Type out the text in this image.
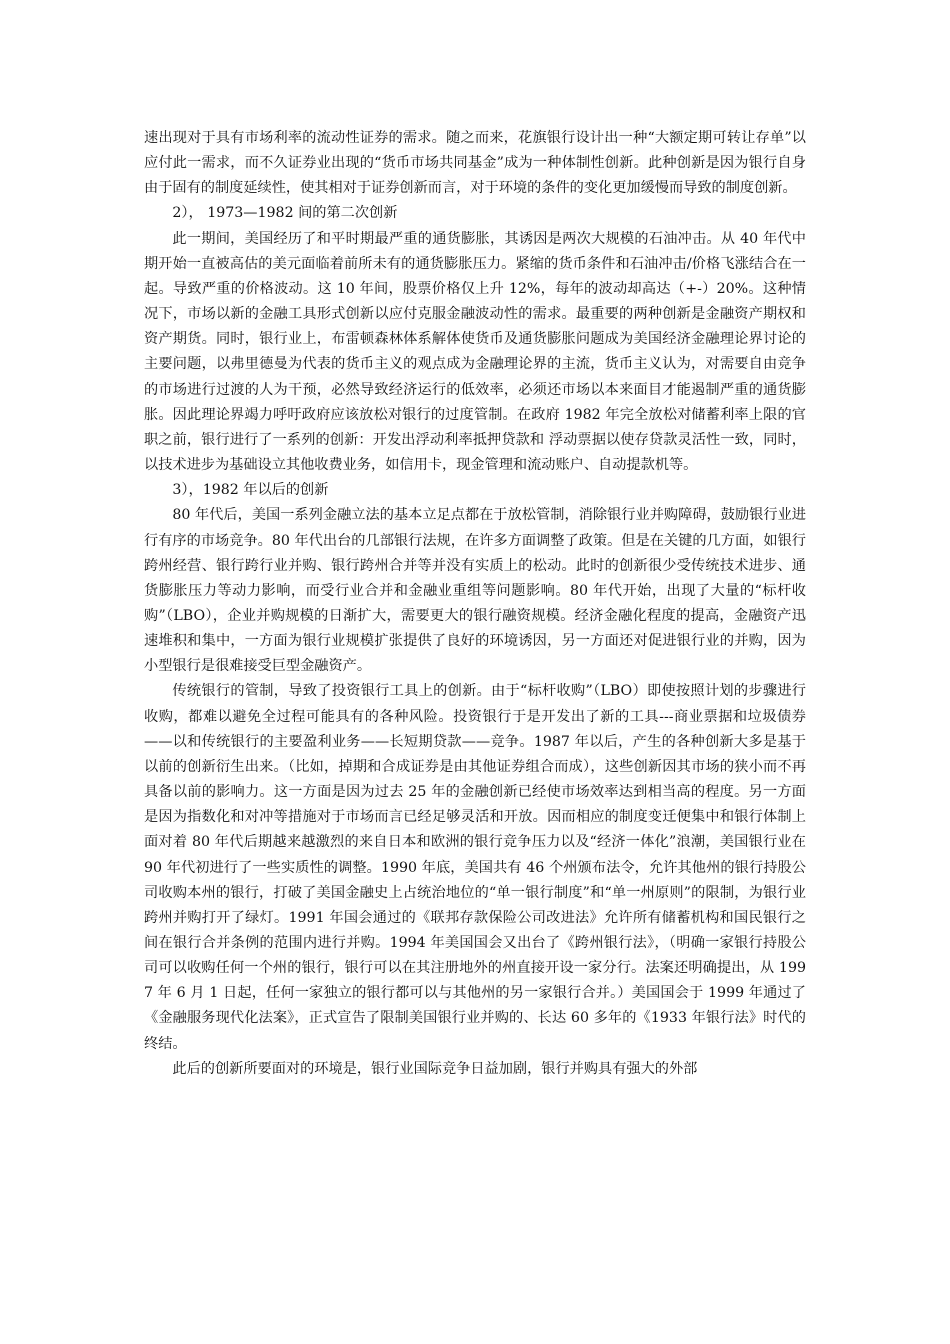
速出现对于具有市场利率的流动性证券的需求。随之而来，花旗银行设计出一种“大额定期可转让存单”以应付此一需求，而不久证券业出现的“货币市场共同基金”成为一种体制性创新。此种创新是因为银行自身由于固有的制度延续性，使其相对于证券创新而言，对于环境的条件的变化更加缓慢而导致的制度创新。

2）， 1973—1982 间的第二次创新

此一期间，美国经历了和平时期最严重的通货膨胀，其诱因是两次大规模的石油冲击。从 40 年代中期开始一直被高估的美元面临着前所未有的通货膨胀压力。紧缩的货币条件和石油冲击/价格飞涨结合在一起。导致严重的价格波动。这 10 年间，股票价格仅上升 12%，每年的波动却高达（+-）20%。这种情况下，市场以新的金融工具形式创新以应付克服金融波动性的需求。最重要的两种创新是金融资产期权和资产期货。同时，银行业上，布雷顿森林体系解体使货币及通货膨胀问题成为美国经济金融理论界讨论的主要问题，以弗里德曼为代表的货币主义的观点成为金融理论界的主流，货币主义认为，对需要自由竞争的市场进行过渡的人为干预，必然导致经济运行的低效率，必须还市场以本来面目才能遏制严重的通货膨胀。因此理论界竭力呼吁政府应该放松对银行的过度管制。在政府 1982 年完全放松对储蓄利率上限的官职之前，银行进行了一系列的创新：开发出浮动利率抵押贷款和 浮动票据以使存贷款灵活性一致，同时，以技术进步为基础设立其他收费业务，如信用卡，现金管理和流动账户、自动提款机等。

3），1982 年以后的创新

80 年代后，美国一系列金融立法的基本立足点都在于放松管制，消除银行业并购障碍，鼓励银行业进行有序的市场竞争。80 年代出台的几部银行法规，在许多方面调整了政策。但是在关键的几方面，如银行跨州经营、银行跨行业并购、银行跨州合并等并没有实质上的松动。此时的创新很少受传统技术进步、通货膨胀压力等动力影响，而受行业合并和金融业重组等问题影响。80 年代开始，出现了大量的“标杆收购”（LBO），企业并购规模的日渐扩大，需要更大的银行融资规模。经济金融化程度的提高，金融资产迅速堆积和集中，一方面为银行业规模扩张提供了良好的环境诱因，另一方面还对促进银行业的并购，因为小型银行是很难接受巨型金融资产。

传统银行的管制，导致了投资银行工具上的创新。由于“标杆收购”（LBO）即使按照计划的步骤进行收购，都难以避免全过程可能具有的各种风险。投资银行于是开发出了新的工具---商业票据和垃圾债券——以和传统银行的主要盈利业务——长短期贷款——竞争。1987 年以后，产生的各种创新大多是基于以前的创新衍生出来。（比如，掉期和合成证券是由其他证券组合而成），这些创新因其市场的狭小而不再具备以前的影响力。这一方面是因为过去 25 年的金融创新已经使市场效率达到相当高的程度。另一方面是因为指数化和对冲等措施对于市场而言已经足够灵活和开放。因而相应的制度变迁便集中和银行体制上面对着 80 年代后期越来越激烈的来自日本和欧洲的银行竞争压力以及“经济一体化”浪潮，美国银行业在 90 年代初进行了一些实质性的调整。1990 年底，美国共有 46 个州颁布法令，允许其他州的银行持股公司收购本州的银行，打破了美国金融史上占统治地位的“单一银行制度”和“单一州原则”的限制，为银行业跨州并购打开了绿灯。1991 年国会通过的《联邦存款保险公司改进法》允许所有储蓄机构和国民银行之间在银行合并条例的范围内进行并购。1994 年美国国会又出台了《跨州银行法》，（明确一家银行持股公司可以收购任何一个州的银行，银行可以在其注册地外的州直接开设一家分行。法案还明确提出，从 1997 年 6 月 1 日起，任何一家独立的银行都可以与其他州的另一家银行合并。）美国国会于 1999 年通过了《金融服务现代化法案》，正式宣告了限制美国银行业并购的、长达 60 多年的《1933 年银行法》时代的终结。

此后的创新所要面对的环境是，银行业国际竞争日益加剧，银行并购具有强大的外部
